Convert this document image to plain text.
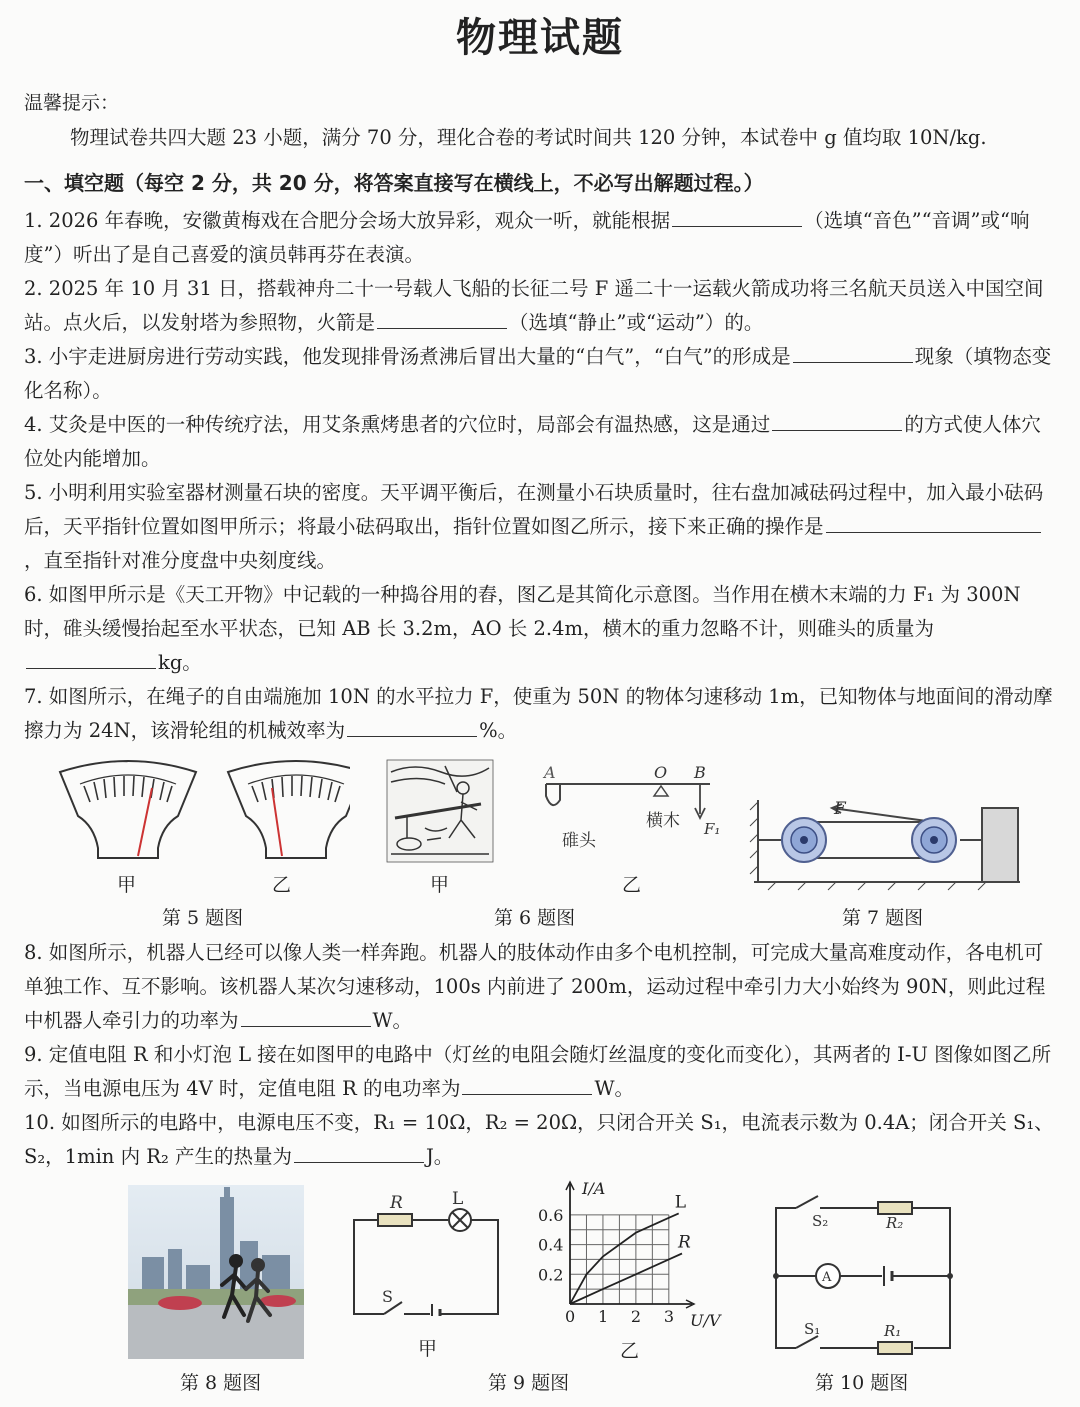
物理试题
温馨提示：
物理试卷共四大题 23 小题，满分 70 分，理化合卷的考试时间共 120 分钟，本试卷中 g 值均取 10N/kg.
一、填空题（每空 2 分，共 20 分，将答案直接写在横线上，不必写出解题过程。）
1. 2026 年春晚，安徽黄梅戏在合肥分会场大放异彩，观众一听，就能根据	（选填“音色”“音调”或“响度”）听出了是自己喜爱的演员韩再芬在表演。
2. 2025 年 10 月 31 日，搭载神舟二十一号载人飞船的长征二号 F 遥二十一运载火箭成功将三名航天员送入中国空间站。点火后，以发射塔为参照物，火箭是	（选填“静止”或“运动”）的。
3. 小宇走进厨房进行劳动实践，他发现排骨汤煮沸后冒出大量的“白气”，“白气”的形成是	现象（填物态变化名称）。
4. 艾灸是中医的一种传统疗法，用艾条熏烤患者的穴位时，局部会有温热感，这是通过	的方式使人体穴位处内能增加。
5. 小明利用实验室器材测量石块的密度。天平调平衡后，在测量小石块质量时，往右盘加减砝码过程中，加入最小砝码后，天平指针位置如图甲所示；将最小砝码取出，指针位置如图乙所示，接下来正确的操作是，直至指针对准分度盘中央刻度线。
6. 如图甲所示是《天工开物》中记载的一种捣谷用的舂，图乙是其简化示意图。当作用在横木末端的力 F₁ 为 300N 时，碓头缓慢抬起至水平状态，已知 AB 长 3.2m，AO 长 2.4m，横木的重力忽略不计，则碓头的质量为kg。
7. 如图所示，在绳子的自由端施加 10N 的水平拉力 F，使重为 50N 的物体匀速移动 1m，已知物体与地面间的滑动摩擦力为 24N，该滑轮组的机械效率为	%。
甲	乙
第 5 题图
甲
A	O B
碓头
横木 F₁
乙
第 6 题图
F
第 7 题图
8. 如图所示，机器人已经可以像人类一样奔跑。机器人的肢体动作由多个电机控制，可完成大量高难度动作，各电机可单独工作、互不影响。该机器人某次匀速移动，100s 内前进了 200m，运动过程中牵引力大小始终为 90N，则此过程中机器人牵引力的功率为	W。
9. 定值电阻 R 和小灯泡 L 接在如图甲的电路中（灯丝的电阻会随灯丝温度的变化而变化），其两者的 I-U 图像如图乙所示，当电源电压为 4V 时，定值电阻 R 的电功率为	W。
10. 如图所示的电路中，电源电压不变，R₁ = 10Ω，R₂ = 20Ω，只闭合开关 S₁，电流表示数为 0.4A；闭合开关 S₁、S₂，1min 内 R₂ 产生的热量为	J。
第 8 题图
R	L
S
甲
L
R
0 1 2 3
0.2
0.4
0.6
I/A
U/V
乙
第 9 题图
S₂	R₂
A
S₁	R₁
第 10 题图
